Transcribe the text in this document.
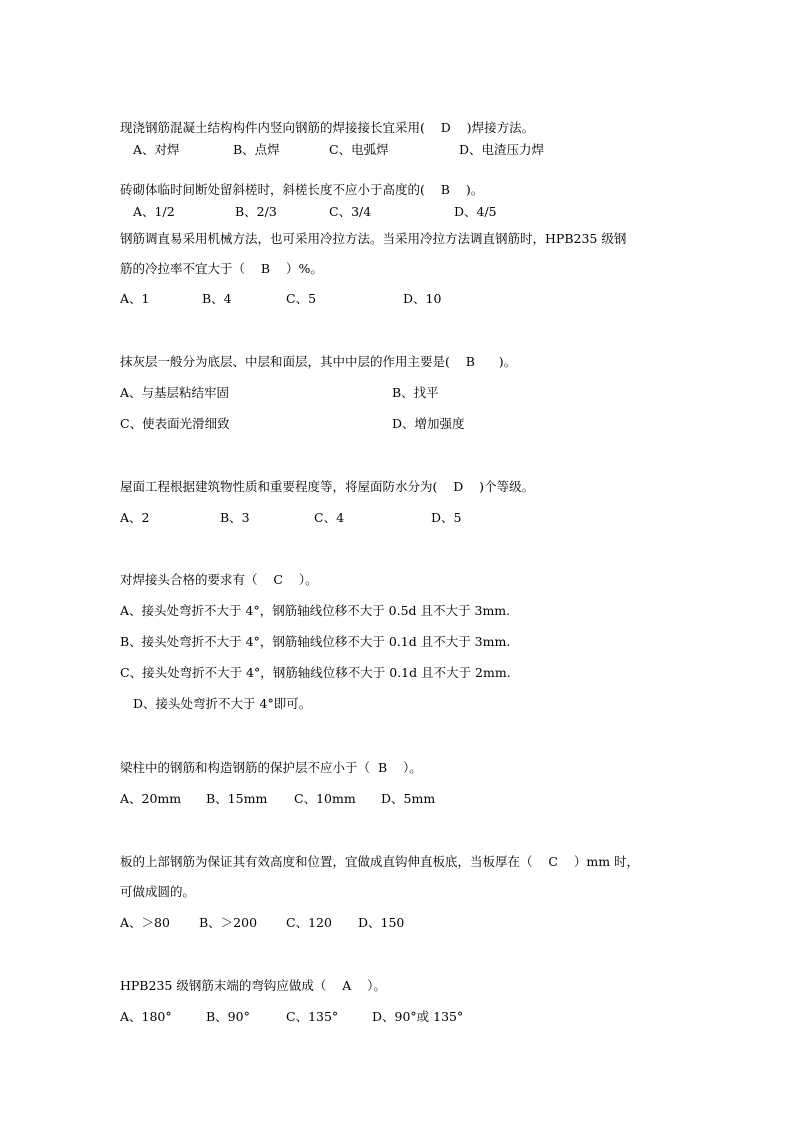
现浇钢筋混凝土结构构件内竖向钢筋的焊接接长宜采用(    D    )焊接方法。
A、对焊	B、点焊	C、电弧焊	D、电渣压力焊
砖砌体临时间断处留斜槎时，斜槎长度不应小于高度的(    B    )。
A、1/2	B、2/3	C、3/4	D、4/5
钢筋调直易采用机械方法，也可采用冷拉方法。当采用冷拉方法调直钢筋时，HPB235 级钢
筋的冷拉率不宜大于（    B    ）%。
A、1	B、4	C、5	D、10
抹灰层一般分为底层、中层和面层，其中中层的作用主要是(    B      )。
A、与基层粘结牢固	B、找平
C、使表面光滑细致	D、增加强度
屋面工程根据建筑物性质和重要程度等，将屋面防水分为(    D    )个等级。
A、2	B、3	C、4	D、5
对焊接头合格的要求有（    C    ）。
A、接头处弯折不大于 4°，钢筋轴线位移不大于 0.5d 且不大于 3mm.
B、接头处弯折不大于 4°，钢筋轴线位移不大于 0.1d 且不大于 3mm.
C、接头处弯折不大于 4°，钢筋轴线位移不大于 0.1d 且不大于 2mm.
D、接头处弯折不大于 4°即可。
梁柱中的钢筋和构造钢筋的保护层不应小于（  B    ）。
A、20mm B、15mm C、10mm D、5mm
板的上部钢筋为保证其有效高度和位置，宜做成直钩伸直板底，当板厚在（    C    ）mm 时，
可做成圆的。
A、＞80 B、＞200 C、120 D、150
HPB235 级钢筋末端的弯钩应做成（    A    ）。
A、180°	B、90°	C、135°	D、90°或 135°
